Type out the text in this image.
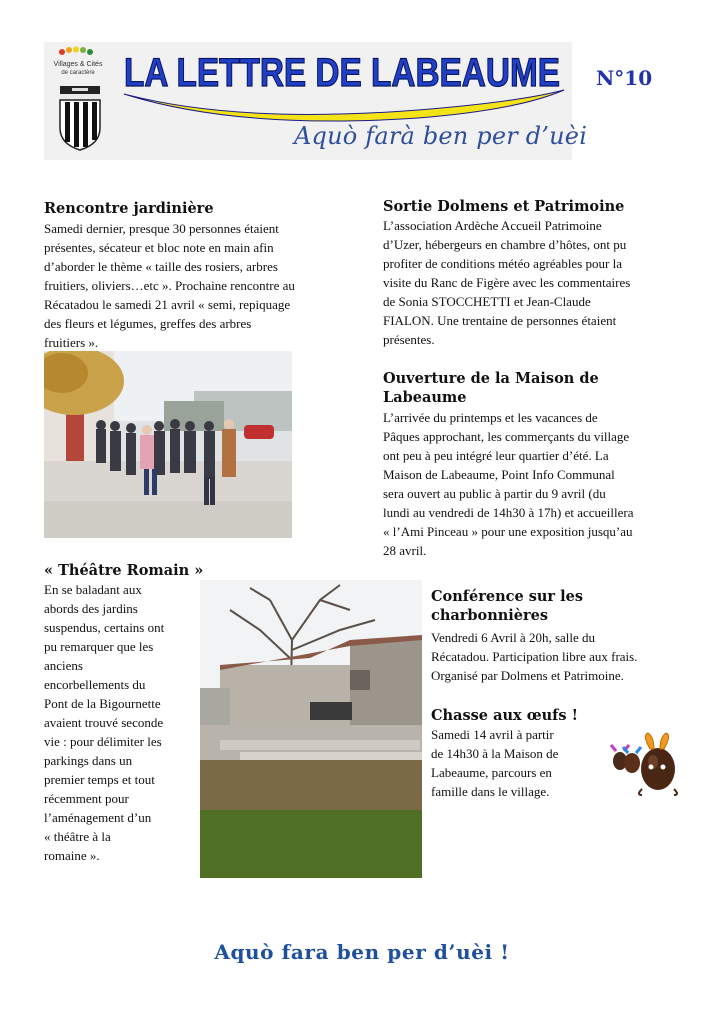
Villages & Cités
de caractère LA LETTRE DE LABEAUME
Aquò farà ben per d’uèi
N°10
Rencontre jardinière
Samedi dernier, presque 30 personnes étaient
présentes, sécateur et bloc note en main afin
d’aborder le thème « taille des rosiers, arbres
fruitiers, oliviers…etc ». Prochaine rencontre au
Récatadou le samedi 21 avril « semi, repiquage
des fleurs et légumes, greffes des arbres
fruitiers ».
Sortie Dolmens et Patrimoine
L’association Ardèche Accueil Patrimoine
d’Uzer, hébergeurs en chambre d’hôtes, ont pu
profiter de conditions météo agréables pour la
visite du Ranc de Figère avec les commentaires
de Sonia STOCCHETTI et Jean-Claude
FIALON. Une trentaine de personnes étaient
présentes.
Ouverture de la Maison de
Labeaume
L’arrivée du printemps et les vacances de
Pâques approchant, les commerçants du village
ont peu à peu intégré leur quartier d’été. La
Maison de Labeaume, Point Info Communal
sera ouvert au public à partir du 9 avril (du
lundi au vendredi de 14h30 à 17h) et accueillera
« l’Ami Pinceau » pour une exposition jusqu’au
28 avril.
« Théâtre Romain »
En se baladant aux
abords des jardins
suspendus, certains ont
pu remarquer que les
anciens
encorbellements du
Pont de la Bigournette
avaient trouvé seconde
vie : pour délimiter les
parkings dans un
premier temps et tout
récemment pour
l’aménagement d’un
« théâtre à la
romaine ».
Conférence sur les
charbonnières
Vendredi 6 Avril à 20h, salle du
Récatadou. Participation libre aux frais.
Organisé par Dolmens et Patrimoine.
Chasse aux œufs !
Samedi 14 avril à partir
de 14h30 à la Maison de
Labeaume, parcours en
famille dans le village.
Aquò fara ben per d’uèi !
